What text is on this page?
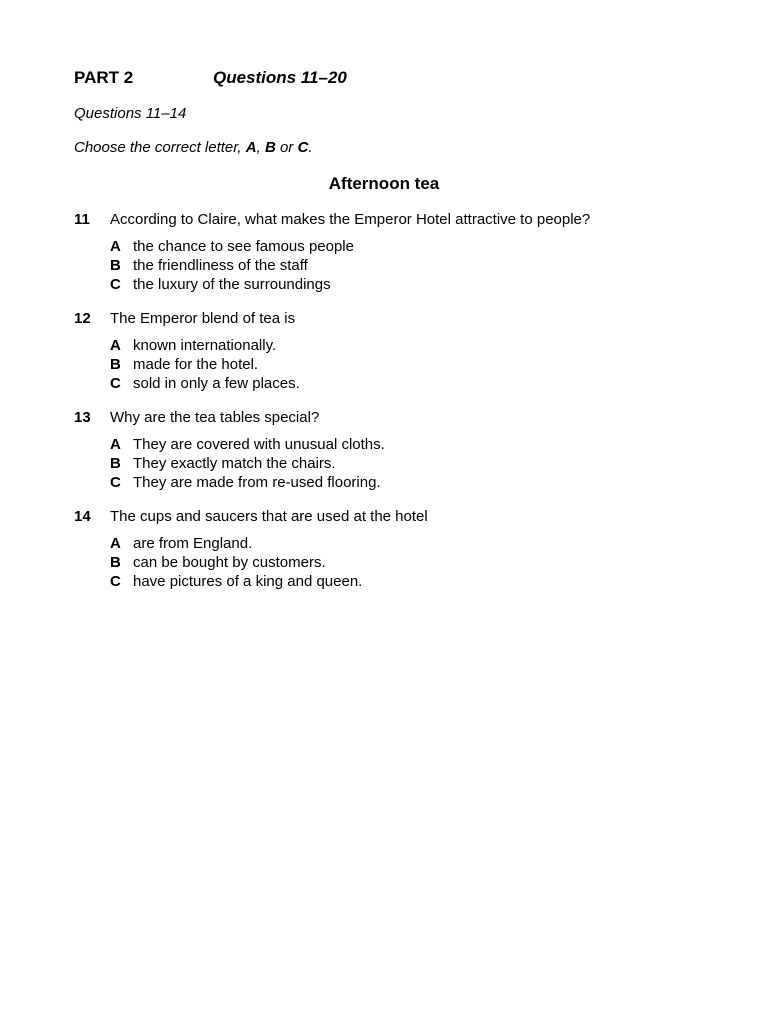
PART 2	Questions 11–20
Questions 11–14
Choose the correct letter, A, B or C.
Afternoon tea
11	According to Claire, what makes the Emperor Hotel attractive to people?
A the chance to see famous people
B the friendliness of the staff
C the luxury of the surroundings
12	The Emperor blend of tea is
A known internationally.
B made for the hotel.
C sold in only a few places.
13	Why are the tea tables special?
A They are covered with unusual cloths.
B They exactly match the chairs.
C They are made from re-used flooring.
14	The cups and saucers that are used at the hotel
A are from England.
B can be bought by customers.
C have pictures of a king and queen.
